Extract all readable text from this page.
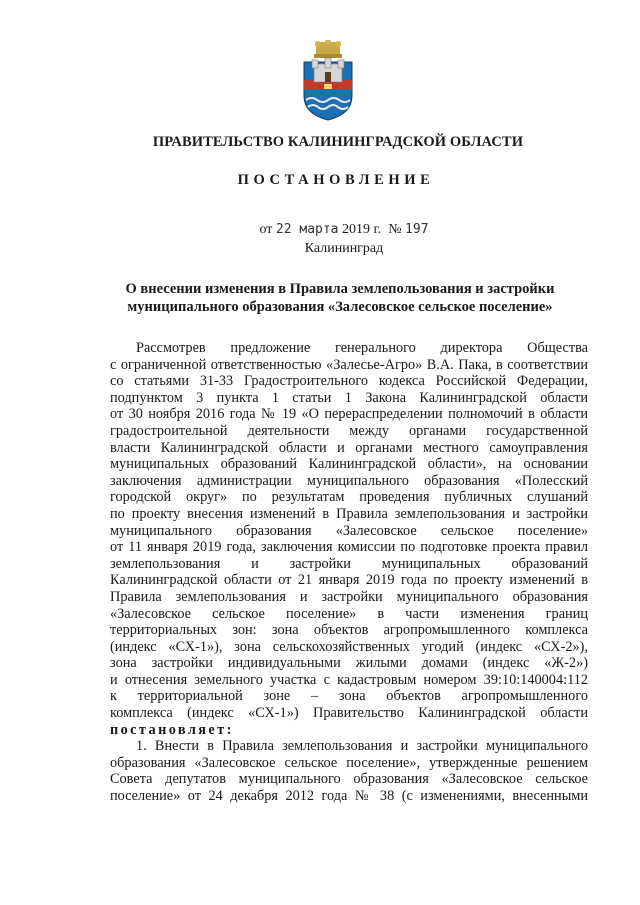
ПРАВИТЕЛЬСТВО КАЛИНИНГРАДСКОЙ ОБЛАСТИ
ПОСТАНОВЛЕНИЕ
от 22 марта 2019 г. № 197
Калининград
О внесении изменения в Правила землепользования и застройки
муниципального образования «Залесовское сельское поселение»
Рассмотрев предложение генерального директора Общества
с ограниченной ответственностью «Залесье-Агро» В.А. Пака, в соответствии
со статьями 31-33 Градостроительного кодекса Российской Федерации,
подпунктом 3 пункта 1 статьи 1 Закона Калининградской области
от 30 ноября 2016 года № 19 «О перераспределении полномочий в области
градостроительной деятельности между органами государственной
власти Калининградской области и органами местного самоуправления
муниципальных образований Калининградской области», на основании
заключения администрации муниципального образования «Полесский
городской округ» по результатам проведения публичных слушаний
по проекту внесения изменений в Правила землепользования и застройки
муниципального образования «Залесовское сельское поселение»
от 11 января 2019 года, заключения комиссии по подготовке проекта правил
землепользования и застройки муниципальных образований
Калининградской области от 21 января 2019 года по проекту изменений в
Правила землепользования и застройки муниципального образования
«Залесовское сельское поселение» в части изменения границ
территориальных зон: зона объектов агропромышленного комплекса
(индекс «СХ-1»), зона сельскохозяйственных угодий (индекс «СХ-2»),
зона застройки индивидуальными жилыми домами (индекс «Ж-2»)
и отнесения земельного участка с кадастровым номером 39:10:140004:112
к территориальной зоне – зона объектов агропромышленного
комплекса (индекс «СХ-1») Правительство Калининградской области
постановляет:
1. Внести в Правила землепользования и застройки муниципального
образования «Залесовское сельское поселение», утвержденные решением
Совета депутатов муниципального образования «Залесовское сельское
поселение» от 24 декабря 2012 года № 38 (с изменениями, внесенными
